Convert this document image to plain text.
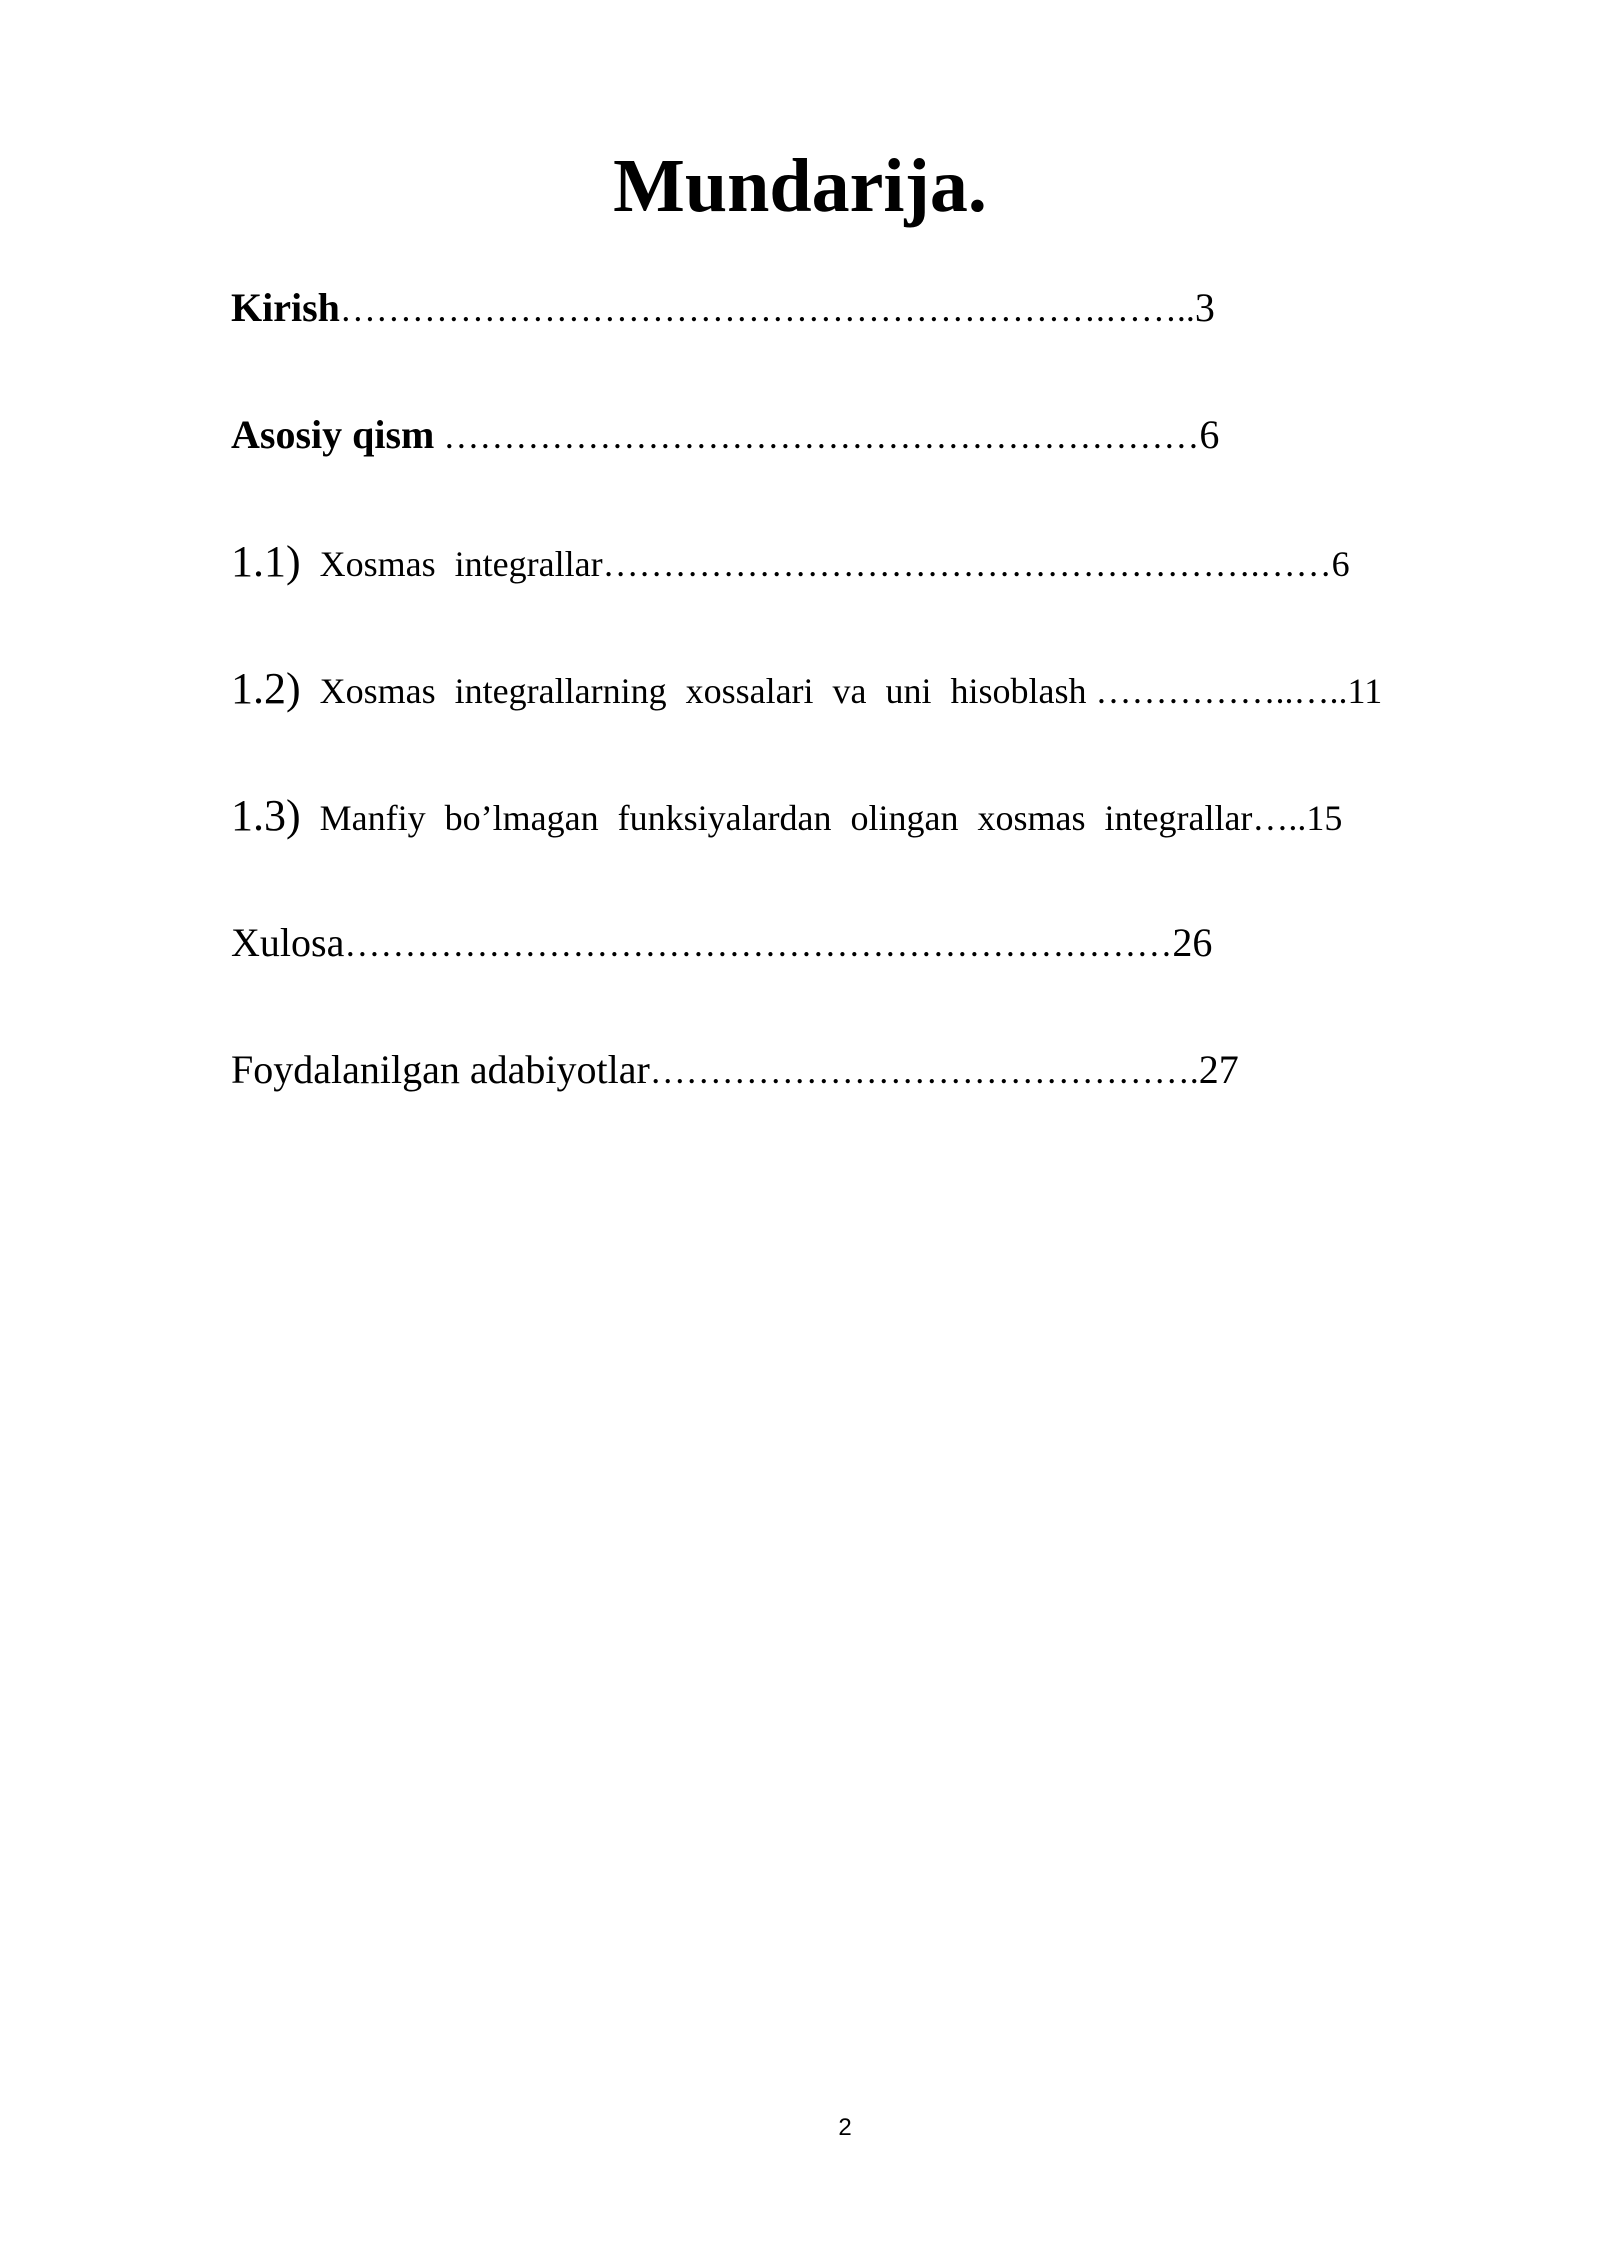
Mundarija.
Kirish……………………………………………………….……..3
Asosiy qism ………………………………………………………6
1.1) Xosmas integrallar……………………………………………….……6
1.2) Xosmas integrallarning xossalari va uni hisoblash ……………..…..11
1.3) Manfiy bo’lmagan funksiyalardan olingan xosmas integrallar…..15
Xulosa……………………………………………………………26
Foydalanilgan adabiyotlar……………………………………….27
2
